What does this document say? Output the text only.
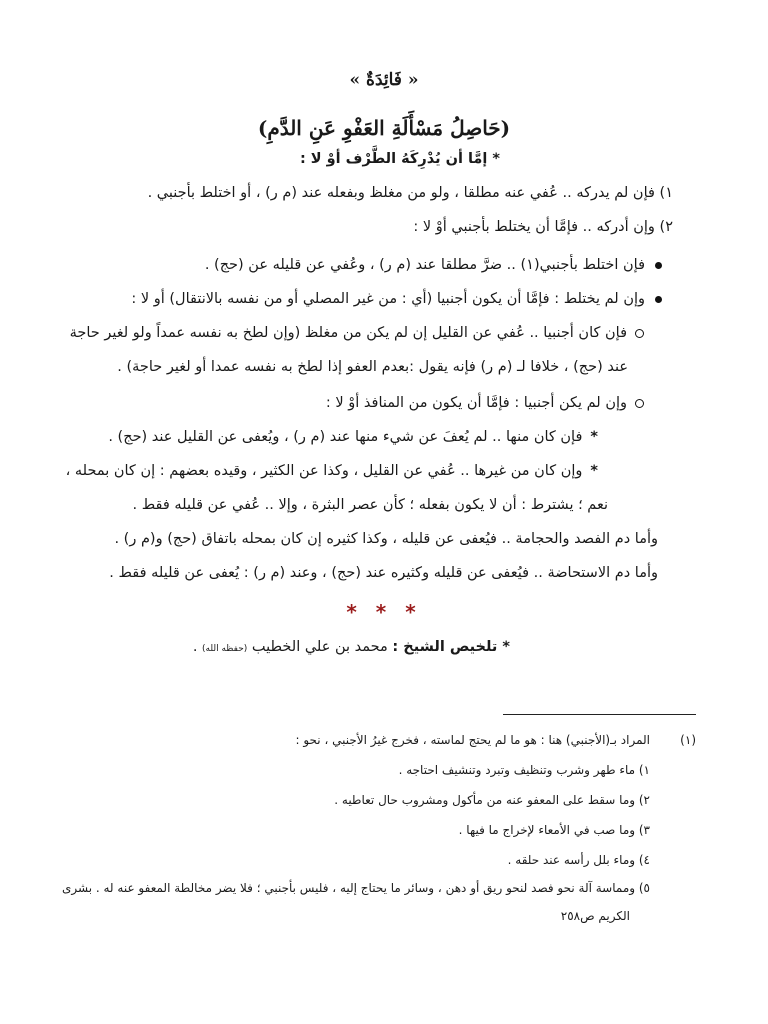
« فَائِدَةٌ »
(حَاصِلُ مَسْأَلَةِ العَفْوِ عَنِ الدَّمِ)
* إمَّا أن يُدْرِكَهُ الطَّرْف أوْ لا :
١) فإن لم يدركه .. عُفي عنه مطلقا ، ولو من مغلظ وبفعله عند (م ر) ، أو اختلط بأجنبي .
٢) وإن أدركه .. فإمَّا أن يختلط بأجنبي أوْ لا :
فإن اختلط بأجنبي(١) .. ضرَّ مطلقا عند (م ر) ، وعُفي عن قليله عن (حج) .
وإن لم يختلط : فإمَّا أن يكون أجنبيا (أي : من غير المصلي أو من نفسه بالانتقال) أو لا :
فإن كان أجنبيا .. عُفي عن القليل إن لم يكن من مغلظ (وإن لطخ به نفسه عمداً ولو لغير حاجة
عند (حج) ، خلافا لـ (م ر) فإنه يقول :بعدم العفو إذا لطخ به نفسه عمدا أو لغير حاجة) .
وإن لم يكن أجنبيا : فإمَّا أن يكون من المنافذ أوْ لا :
*فإن كان منها .. لم يُعفَ عن شيء منها عند (م ر) ، ويُعفى عن القليل عند (حج) .
*وإن كان من غيرها .. عُفي عن القليل ، وكذا عن الكثير ، وقيده بعضهم : إن كان بمحله ،
نعم ؛ يشترط : أن لا يكون بفعله ؛ كأن عصر البثرة ، وإلا .. عُفي عن قليله فقط .
وأما دم الفصد والحجامة .. فيُعفى عن قليله ، وكذا كثيره إن كان بمحله باتفاق (حج) و(م ر) .
وأما دم الاستحاضة .. فيُعفى عن قليله وكثيره عند (حج) ، وعند (م ر) : يُعفى عن قليله فقط .
* * *
* تلخيص الشيخ : محمد بن علي الخطيب (حفظه الله) .
(١)
المراد بـ(الأجنبي) هنا : هو ما لم يحتج لماسته ، فخرج غيرُ الأجنبي ، نحو :
١) ماء طهر وشرب وتنظيف وتبرد وتنشيف احتاجه .
٢) وما سقط على المعفو عنه من مأكول ومشروب حال تعاطيه .
٣) وما صب في الأمعاء لإخراج ما فيها .
٤) وماء بلل رأسه عند حلقه .
٥) ومماسة آلة نحو فصد لنحو ريق أو دهن ، وسائر ما يحتاج إليه ، فليس بأجنبي ؛ فلا يضر مخالطة المعفو عنه له . بشرى
الكريم ص٢٥٨
